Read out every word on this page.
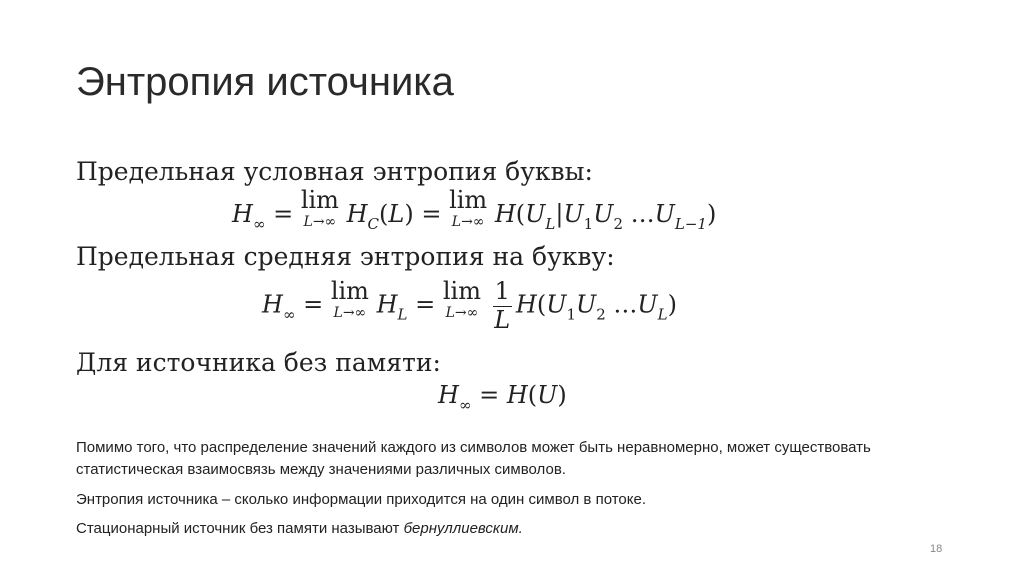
Энтропия источника

Предельная условная энтропия буквы:

$H_\infty = \lim$
L→∞ $H_C(L) = \lim$
L→∞ $H(U_L|U_1U_2$ $\dots U_{L-1}$)

Предельная средняя энтропия на букву:

$H_\infty = \lim$
L→∞ $H_L = \lim$
L→∞
$\frac{1}{L} H(U_1U_2$ $\dots U_L$)

Для источника без памяти:

$H_\infty = H(U)$

Помимо того, что распределение значений каждого из символов может быть неравномерно, может существовать статистическая взаимосвязь между значениями различных символов.

Энтропия источника – сколько информации приходится на один символ в потоке.

Стационарный источник без памяти называют бернуллиевским.

18
